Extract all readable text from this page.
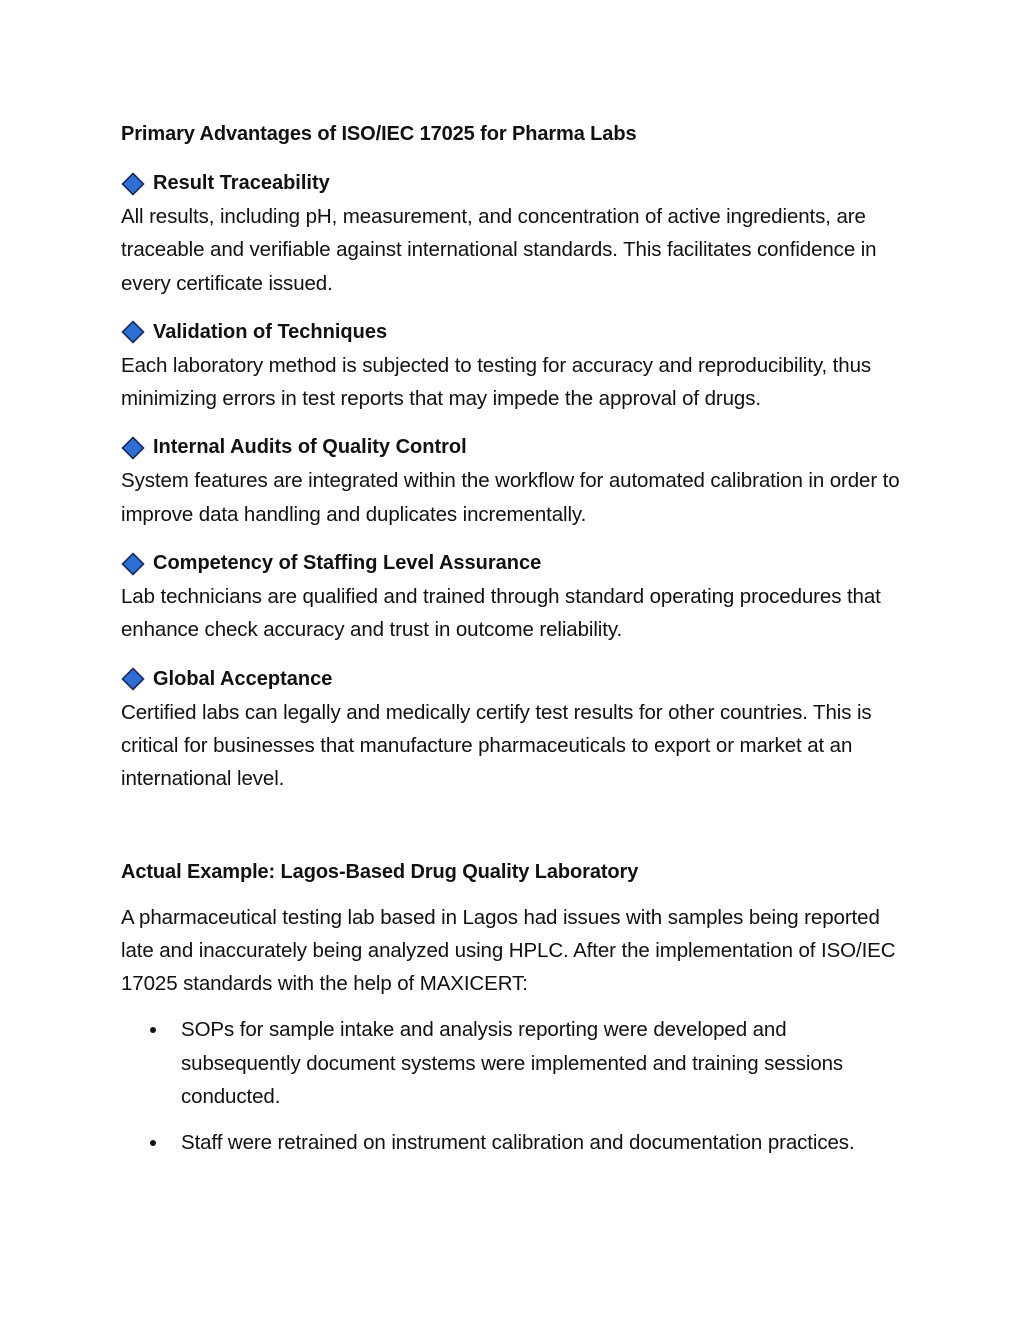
Primary Advantages of ISO/IEC 17025 for Pharma Labs
Result Traceability
All results, including pH, measurement, and concentration of active ingredients, are traceable and verifiable against international standards. This facilitates confidence in every certificate issued.
Validation of Techniques
Each laboratory method is subjected to testing for accuracy and reproducibility, thus minimizing errors in test reports that may impede the approval of drugs.
Internal Audits of Quality Control
System features are integrated within the workflow for automated calibration in order to improve data handling and duplicates incrementally.
Competency of Staffing Level Assurance
Lab technicians are qualified and trained through standard operating procedures that enhance check accuracy and trust in outcome reliability.
Global Acceptance
Certified labs can legally and medically certify test results for other countries. This is critical for businesses that manufacture pharmaceuticals to export or market at an international level.
Actual Example: Lagos-Based Drug Quality Laboratory
A pharmaceutical testing lab based in Lagos had issues with samples being reported late and inaccurately being analyzed using HPLC. After the implementation of ISO/IEC 17025 standards with the help of MAXICERT:
SOPs for sample intake and analysis reporting were developed and subsequently document systems were implemented and training sessions conducted.
Staff were retrained on instrument calibration and documentation practices.
